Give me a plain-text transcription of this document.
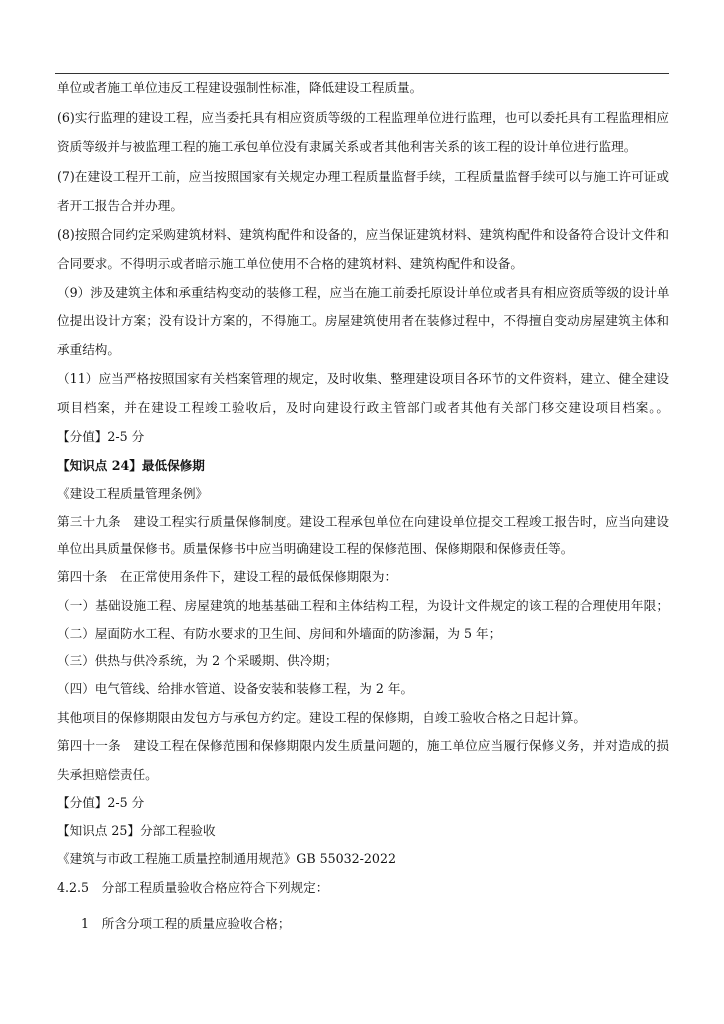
单位或者施工单位违反工程建设强制性标准，降低建设工程质量。
(6)实行监理的建设工程，应当委托具有相应资质等级的工程监理单位进行监理，也可以委托具有工程监理相应
资质等级并与被监理工程的施工承包单位没有隶属关系或者其他利害关系的该工程的设计单位进行监理。
(7)在建设工程开工前，应当按照国家有关规定办理工程质量监督手续，工程质量监督手续可以与施工许可证或
者开工报告合并办理。
(8)按照合同约定采购建筑材料、建筑构配件和设备的，应当保证建筑材料、建筑构配件和设备符合设计文件和
合同要求。不得明示或者暗示施工单位使用不合格的建筑材料、建筑构配件和设备。
（9）涉及建筑主体和承重结构变动的装修工程，应当在施工前委托原设计单位或者具有相应资质等级的设计单
位提出设计方案；没有设计方案的，不得施工。房屋建筑使用者在装修过程中，不得擅自变动房屋建筑主体和
承重结构。
（11）应当严格按照国家有关档案管理的规定，及时收集、整理建设项目各环节的文件资料，建立、健全建设
项目档案，并在建设工程竣工验收后，及时向建设行政主管部门或者其他有关部门移交建设项目档案。。
【分值】2-5 分
【知识点 24】最低保修期
《建设工程质量管理条例》
第三十九条　建设工程实行质量保修制度。建设工程承包单位在向建设单位提交工程竣工报告时，应当向建设
单位出具质量保修书。质量保修书中应当明确建设工程的保修范围、保修期限和保修责任等。
第四十条　在正常使用条件下，建设工程的最低保修期限为：
（一）基础设施工程、房屋建筑的地基基础工程和主体结构工程，为设计文件规定的该工程的合理使用年限；
（二）屋面防水工程、有防水要求的卫生间、房间和外墙面的防渗漏，为 5 年；
（三）供热与供冷系统，为 2 个采暖期、供冷期；
（四）电气管线、给排水管道、设备安装和装修工程，为 2 年。
其他项目的保修期限由发包方与承包方约定。建设工程的保修期，自竣工验收合格之日起计算。
第四十一条　建设工程在保修范围和保修期限内发生质量问题的，施工单位应当履行保修义务，并对造成的损
失承担赔偿责任。
【分值】2-5 分
【知识点 25】分部工程验收
《建筑与市政工程施工质量控制通用规范》GB 55032-2022
4.2.5　分部工程质量验收合格应符合下列规定：
1　所含分项工程的质量应验收合格；
